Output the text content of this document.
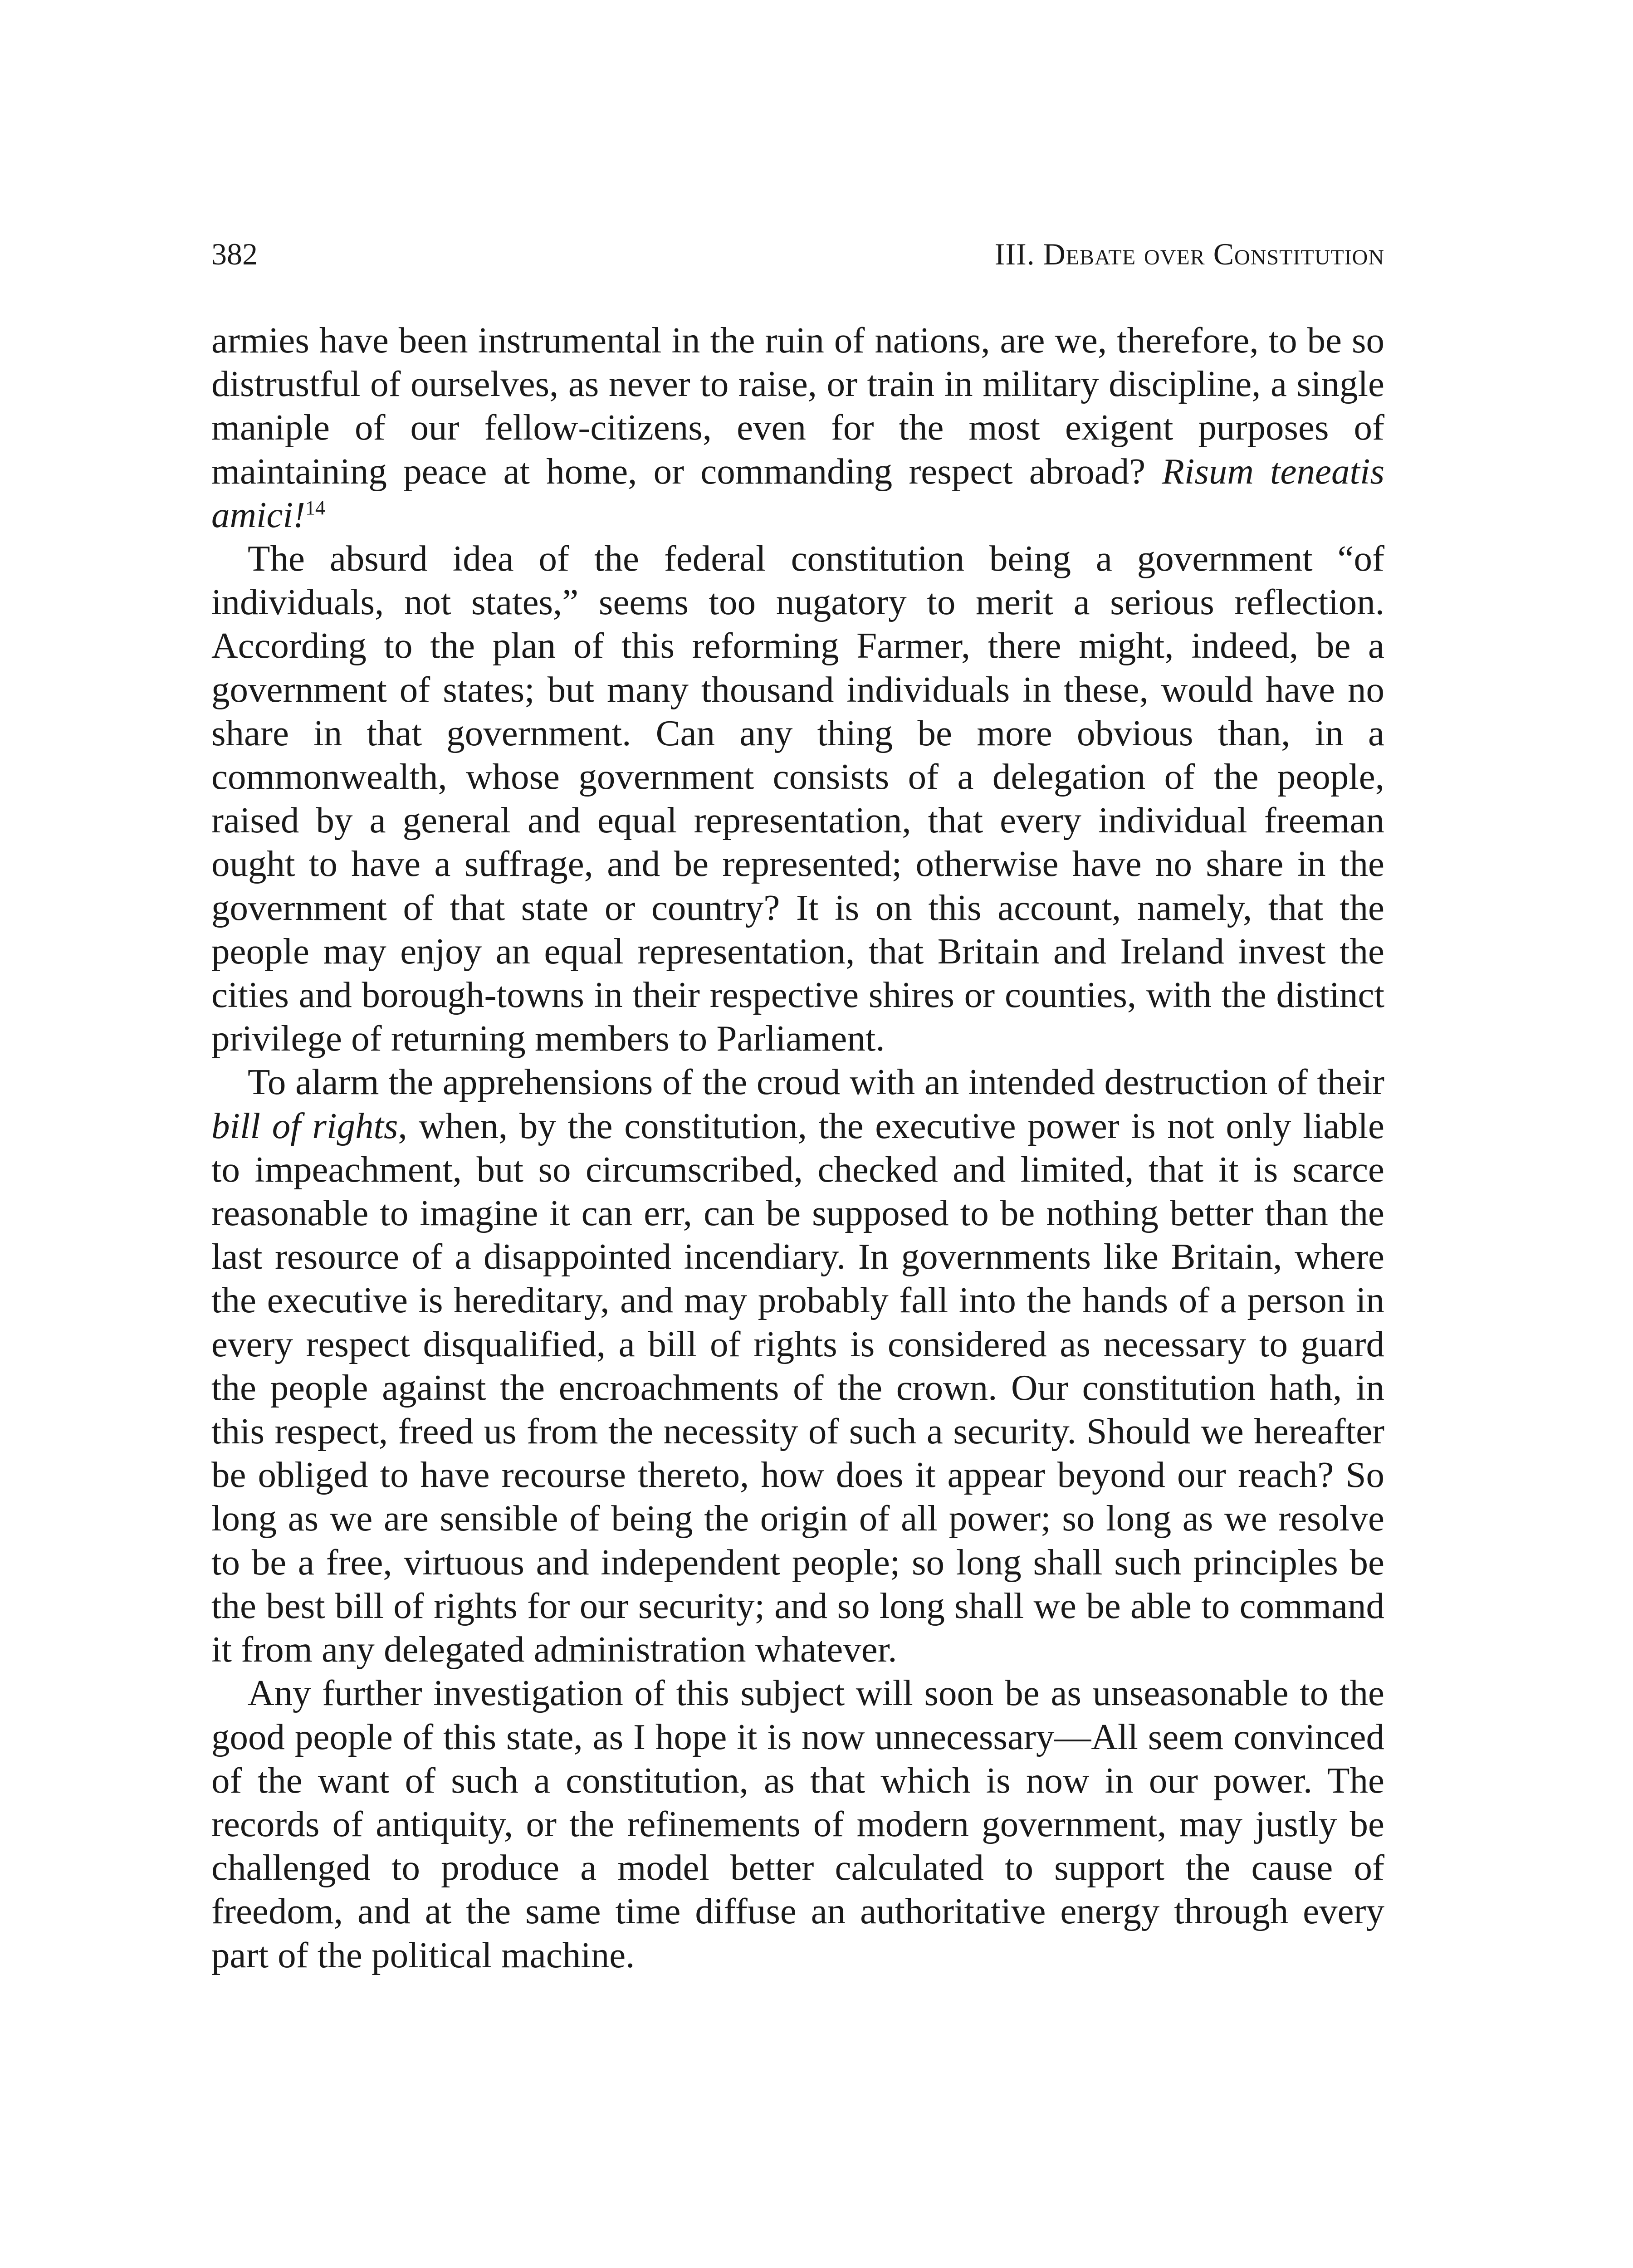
382	III. Debate over Constitution

armies have been instrumental in the ruin of nations, are we, therefore, to be so distrustful of ourselves, as never to raise, or train in military discipline, a single maniple of our fellow-citizens, even for the most exigent purposes of maintaining peace at home, or commanding respect abroad? Risum teneatis amici!$^{14}$

The absurd idea of the federal constitution being a government “of individuals, not states,” seems too nugatory to merit a serious reflection. According to the plan of this reforming Farmer, there might, indeed, be a government of states; but many thousand individuals in these, would have no share in that government. Can any thing be more obvious than, in a commonwealth, whose government consists of a delegation of the people, raised by a general and equal representation, that every individual freeman ought to have a suffrage, and be represented; otherwise have no share in the government of that state or country? It is on this account, namely, that the people may enjoy an equal representation, that Britain and Ireland invest the cities and borough-towns in their respective shires or counties, with the distinct privilege of returning members to Parliament.

To alarm the apprehensions of the croud with an intended destruction of their bill of rights, when, by the constitution, the executive power is not only liable to impeachment, but so circumscribed, checked and limited, that it is scarce reasonable to imagine it can err, can be supposed to be nothing better than the last resource of a disappointed incendiary. In governments like Britain, where the executive is hereditary, and may probably fall into the hands of a person in every respect disqualified, a bill of rights is considered as necessary to guard the people against the encroachments of the crown. Our constitution hath, in this respect, freed us from the necessity of such a security. Should we hereafter be obliged to have recourse thereto, how does it appear beyond our reach? So long as we are sensible of being the origin of all power; so long as we resolve to be a free, virtuous and independent people; so long shall such principles be the best bill of rights for our security; and so long shall we be able to command it from any delegated administration whatever.

Any further investigation of this subject will soon be as unseasonable to the good people of this state, as I hope it is now unnecessary—All seem convinced of the want of such a constitution, as that which is now in our power. The records of antiquity, or the refinements of modern government, may justly be challenged to produce a model better calculated to support the cause of freedom, and at the same time diffuse an authoritative energy through every part of the political machine.
